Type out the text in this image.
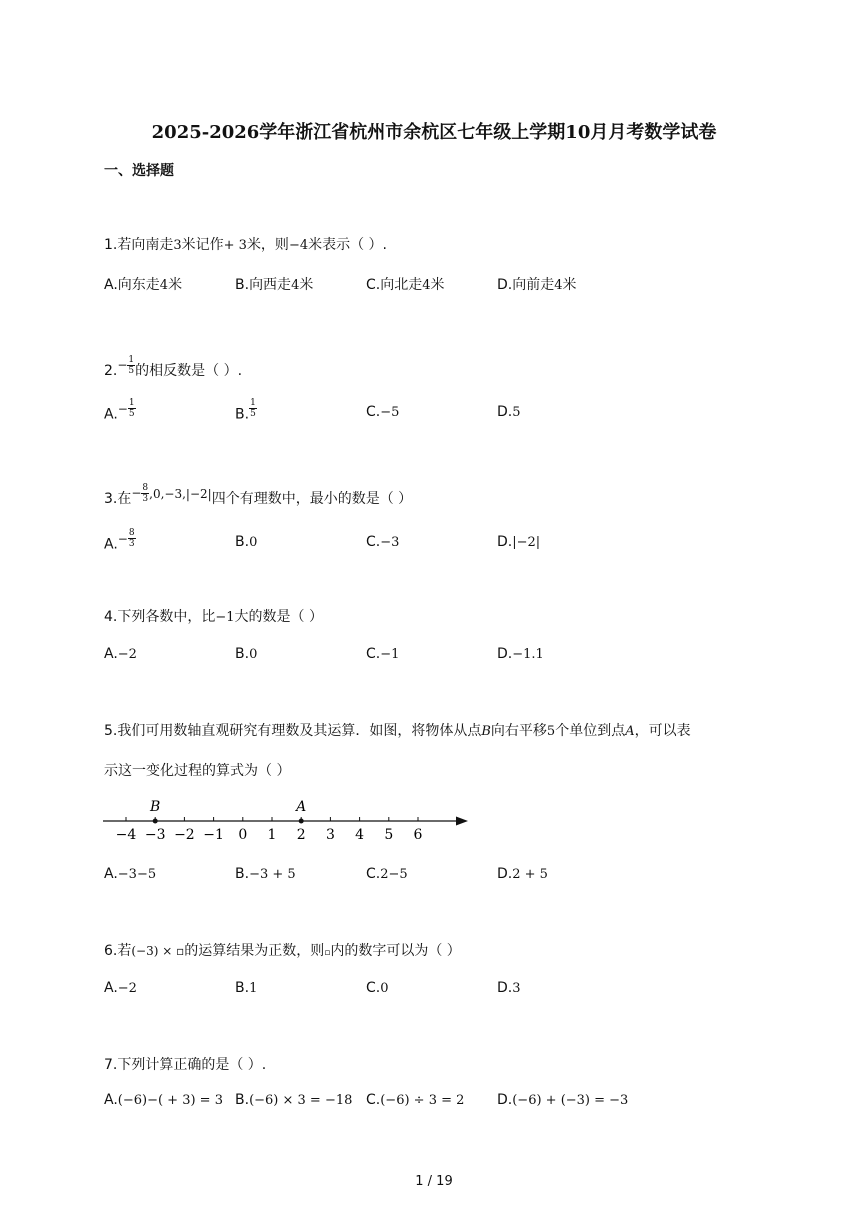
2025-2026学年浙江省杭州市余杭区七年级上学期10月月考数学试卷
一、选择题
1.若向南走3米记作+ 3米，则−4米表示（ ）.
A.向东走4米	B.向西走4米	C.向北走4米	D.向前走4米
$2.- \frac{1}{5}$ 的相反数是（ ）.
$A.- \frac{1}{5}$	B. $\frac{1}{5}$	C.−5	D.5
3.在− $\frac{8}{3} ,0,-3,|-2|$四个有理数中，最小的数是（ ）
$A.- \frac{8}{3}$	B.0	C.−3	D.|−2|
4.下列各数中，比−1大的数是（ ）
A.−2	B.0	C.−1	D.−1.1
5.我们可用数轴直观研究有理数及其运算．如图，将物体从点B向右平移5个单位到点A，可以表
示这一变化过程的算式为（ ）
−4 −3 −2 −1 0 1 2 3 4 5 6
B	A
A.−3−5	B.−3 + 5	C.2−5	D.2 + 5
6.若(−3) × ▫的运算结果为正数，则▫内的数字可以为（ ）
A.−2	B.1	C.0	D.3
7.下列计算正确的是（ ）.
A.(−6)−( + 3) = 3 B.(−6) × 3 = −18 C.(−6) ÷ 3 = 2 D.(−6) + (−3) = −3
1 / 19
